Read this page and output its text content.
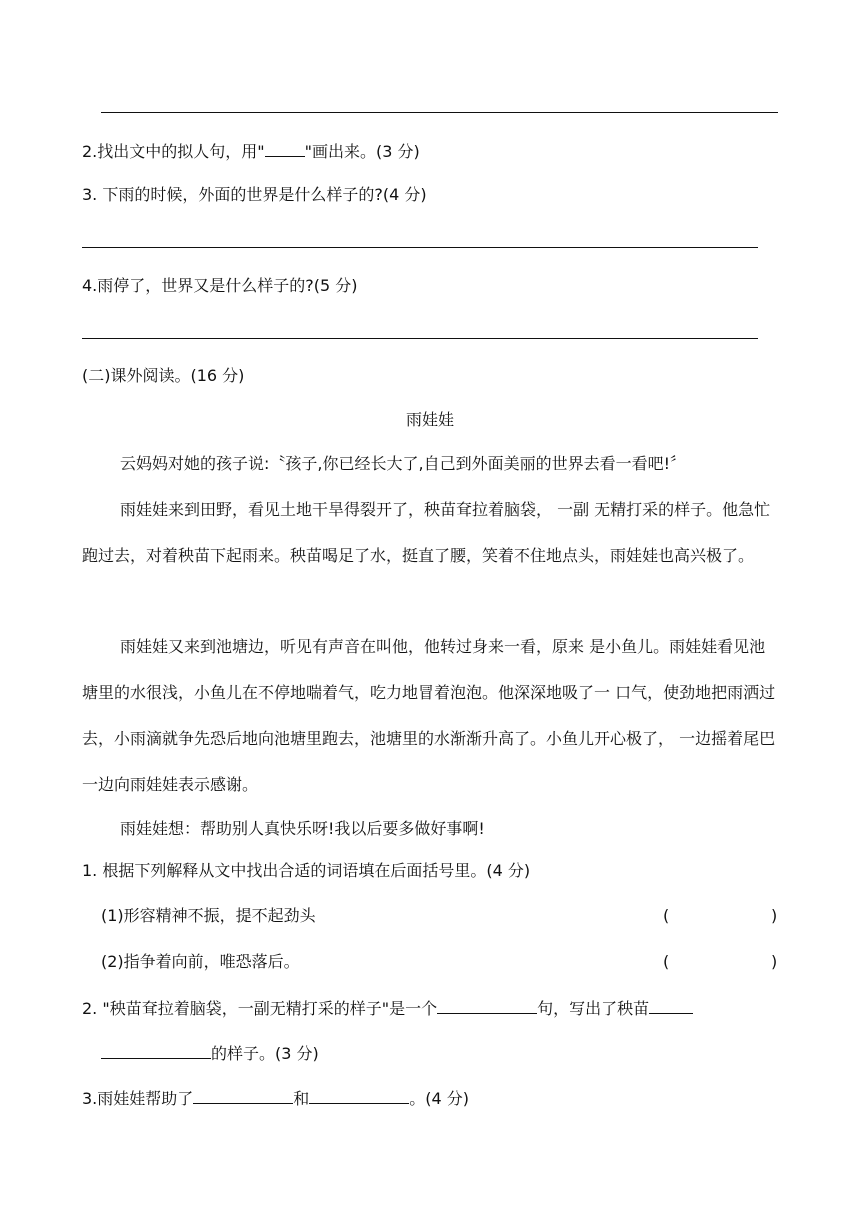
2.找出文中的拟人句，用"	"画出来。(3 分)
3. 下雨的时候，外面的世界是什么样子的?(4 分)
4.雨停了，世界又是什么样子的?(5 分)
(二)课外阅读。(16 分)
雨娃娃
云妈妈对她的孩子说:〝孩子,你已经长大了,自己到外面美丽的世界去看一看吧!〞
雨娃娃来到田野，看见土地干旱得裂开了，秧苗耷拉着脑袋， 一副 无精打采的样子。他急忙跑过去，对着秧苗下起雨来。秧苗喝足了水，挺直了腰，笑着不住地点头，雨娃娃也高兴极了。
雨娃娃又来到池塘边，听见有声音在叫他，他转过身来一看，原来 是小鱼儿。雨娃娃看见池塘里的水很浅，小鱼儿在不停地喘着气，吃力地冒着泡泡。他深深地吸了一 口气，使劲地把雨洒过去，小雨滴就争先恐后地向池塘里跑去，池塘里的水渐渐升高了。小鱼儿开心极了， 一边摇着尾巴一边向雨娃娃表示感谢。
雨娃娃想：帮助别人真快乐呀!我以后要多做好事啊!
1. 根据下列解释从文中找出合适的词语填在后面括号里。(4 分)
(1)形容精神不振，提不起劲头	(	)
(2)指争着向前，唯恐落后。	(	)
2. "秧苗耷拉着脑袋，一副无精打采的样子"是一个	句，写出了秧苗
的样子。(3 分)
3.雨娃娃帮助了	和	。(4 分)
